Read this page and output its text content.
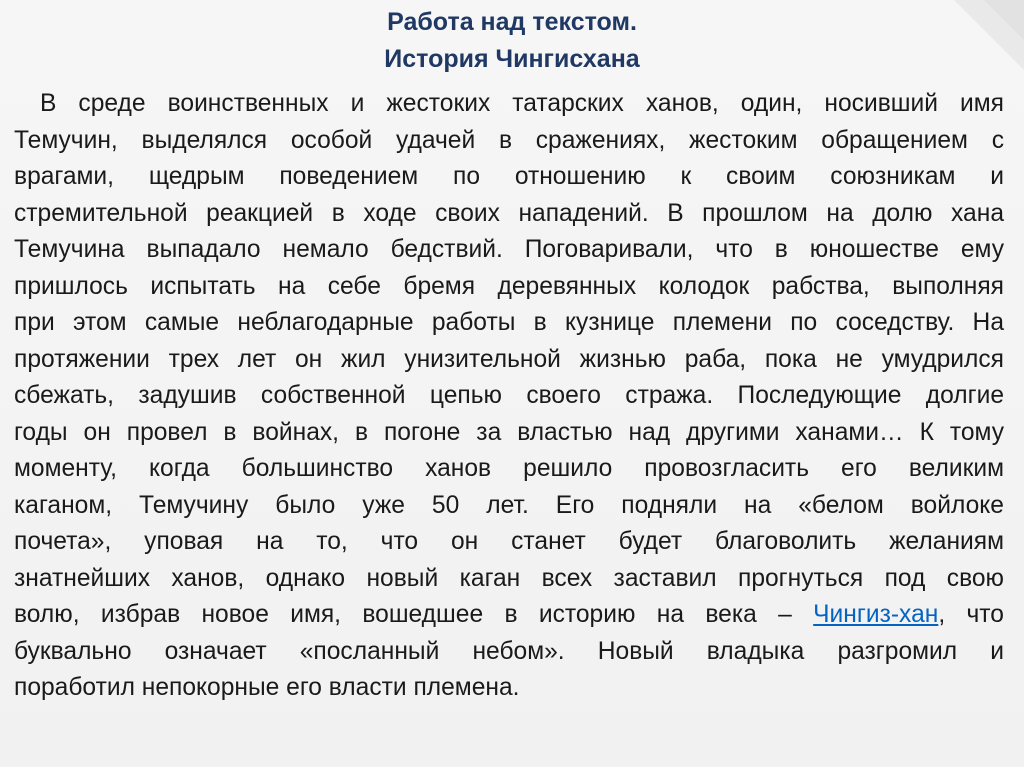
Работа над текстом.
История Чингисхана
В среде воинственных и жестоких татарских ханов, один, носивший имя
Темучин, выделялся особой удачей в сражениях, жестоким обращением с
врагами, щедрым поведением по отношению к своим союзникам и
стремительной реакцией в ходе своих нападений. В прошлом на долю хана
Темучина выпадало немало бедствий. Поговаривали, что в юношестве ему
пришлось испытать на себе бремя деревянных колодок рабства, выполняя
при этом самые неблагодарные работы в кузнице племени по соседству. На
протяжении трех лет он жил унизительной жизнью раба, пока не умудрился
сбежать, задушив собственной цепью своего стража. Последующие долгие
годы он провел в войнах, в погоне за властью над другими ханами… К тому
моменту, когда большинство ханов решило провозгласить его великим
каганом, Темучину было уже 50 лет. Его подняли на «белом войлоке
почета», уповая на то, что он станет будет благоволить желаниям
знатнейших ханов, однако новый каган всех заставил прогнуться под свою
волю, избрав новое имя, вошедшее в историю на века – Чингиз-хан, что
буквально означает «посланный небом». Новый владыка разгромил и
поработил непокорные его власти племена.
